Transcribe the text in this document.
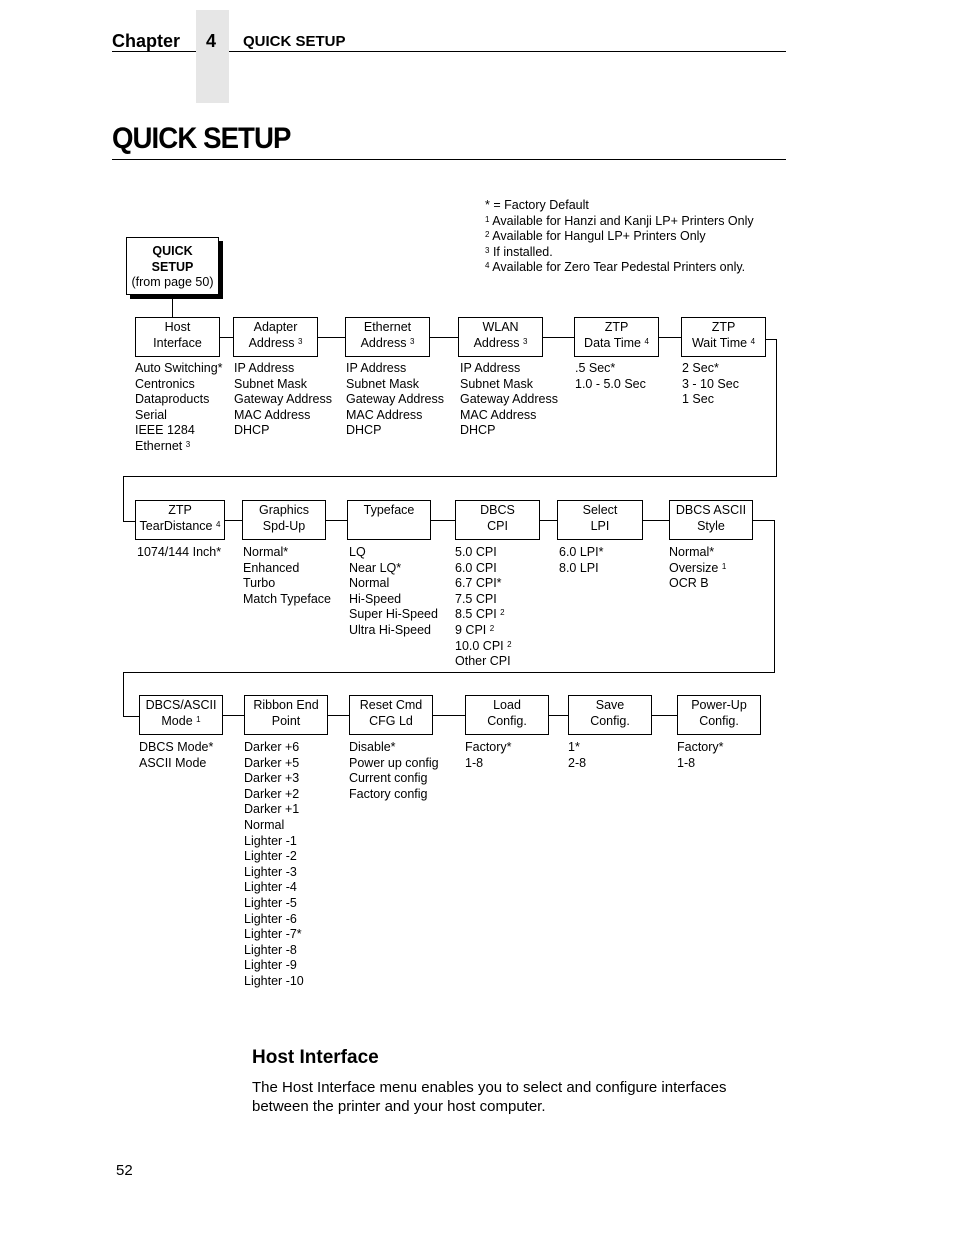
Chapter	4	QUICK SETUP
QUICK SETUP
* = Factory Default
$^1$ Available for Hanzi and Kanji LP+ Printers Only
$^2$ Available for Hangul LP+ Printers Only
$^3$ If installed.
$^4$ Available for Zero Tear Pedestal Printers only.
QUICK
SETUP
(from page 50)
Host
Interface
Auto Switching*
Centronics
Dataproducts
Serial
IEEE 1284
Ethernet $^3$
Adapter
Address $^3$
IP Address
Subnet Mask
Gateway Address
MAC Address
DHCP
Ethernet
Address $^3$
IP Address
Subnet Mask
Gateway Address
MAC Address
DHCP
WLAN
Address $^3$
IP Address
Subnet Mask
Gateway Address
MAC Address
DHCP
ZTP
Data Time $^4$
.5 Sec*
1.0 - 5.0 Sec
ZTP
Wait Time $^4$
2 Sec*
3 - 10 Sec
1 Sec
ZTP
TearDistance $^4$
1074/144 Inch*
Graphics
Spd-Up
Normal*
Enhanced
Turbo
Match Typeface
Typeface
LQ
Near LQ*
Normal
Hi-Speed
Super Hi-Speed
Ultra Hi-Speed
DBCS
CPI
5.0 CPI
6.0 CPI
6.7 CPI*
7.5 CPI
8.5 CPI $^2$
9 CPI $^2$
10.0 CPI $^2$
Other CPI
Select
LPI
6.0 LPI*
8.0 LPI
DBCS ASCII
Style
Normal*
Oversize $^1$
OCR B
DBCS/ASCII
Mode $^1$
DBCS Mode*
ASCII Mode
Ribbon End
Point
Darker +6
Darker +5
Darker +3
Darker +2
Darker +1
Normal
Lighter -1
Lighter -2
Lighter -3
Lighter -4
Lighter -5
Lighter -6
Lighter -7*
Lighter -8
Lighter -9
Lighter -10
Reset Cmd
CFG Ld
Disable*
Power up config
Current config
Factory config
Load
Config.
Factory*
1-8
Save
Config.
1*
2-8
Power-Up
Config.
Factory*
1-8
Host Interface
The Host Interface menu enables you to select and configure interfaces
between the printer and your host computer.
52
